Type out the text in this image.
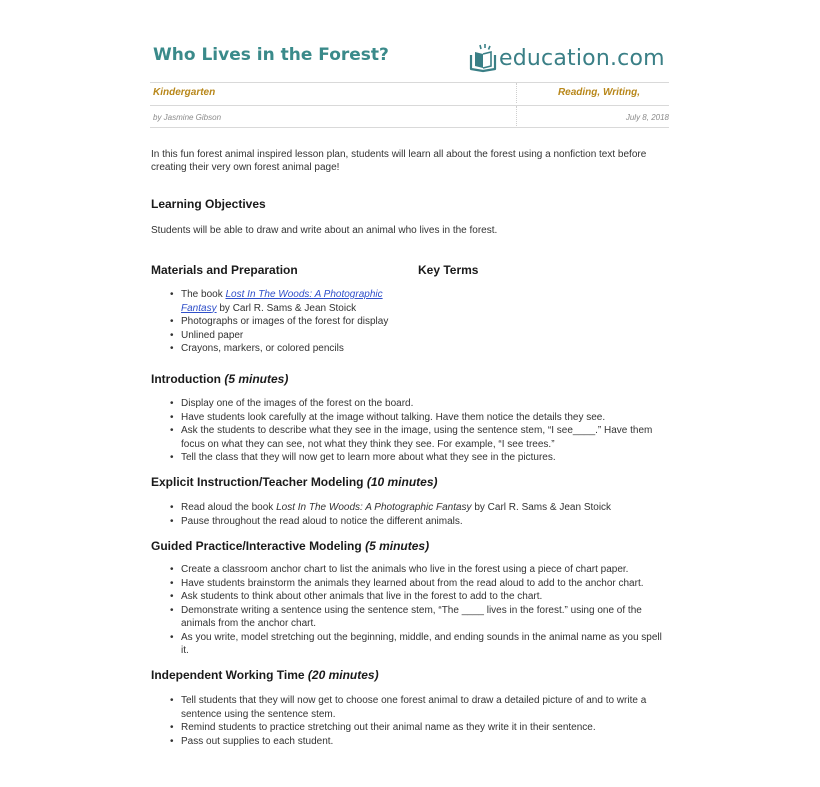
Who Lives in the Forest?	education.com
Kindergarten	Reading, Writing,
by Jasmine Gibson	July 8, 2018

In this fun forest animal inspired lesson plan, students will learn all about the forest using a nonfiction text before creating their very own forest animal page!

Learning Objectives

Students will be able to draw and write about an animal who lives in the forest.

Materials and Preparation	Key Terms
• The book Lost In The Woods: A Photographic Fantasy by Carl R. Sams & Jean Stoick
• Photographs or images of the forest for display
• Unlined paper
• Crayons, markers, or colored pencils
Introduction (5 minutes)
• Display one of the images of the forest on the board.
• Have students look carefully at the image without talking. Have them notice the details they see.
• Ask the students to describe what they see in the image, using the sentence stem, “I see____.” Have them focus on what they can see, not what they think they see. For example, “I see trees.”
• Tell the class that they will now get to learn more about what they see in the pictures.
Explicit Instruction/Teacher Modeling (10 minutes)
• Read aloud the book Lost In The Woods: A Photographic Fantasy by Carl R. Sams & Jean Stoick
• Pause throughout the read aloud to notice the different animals.
Guided Practice/Interactive Modeling (5 minutes)
• Create a classroom anchor chart to list the animals who live in the forest using a piece of chart paper.
• Have students brainstorm the animals they learned about from the read aloud to add to the anchor chart.
• Ask students to think about other animals that live in the forest to add to the chart.
• Demonstrate writing a sentence using the sentence stem, “The ____ lives in the forest.” using one of the animals from the anchor chart.
• As you write, model stretching out the beginning, middle, and ending sounds in the animal name as you spell it.
Independent Working Time (20 minutes)
• Tell students that they will now get to choose one forest animal to draw a detailed picture of and to write a sentence using the sentence stem.
• Remind students to practice stretching out their animal name as they write it in their sentence.
• Pass out supplies to each student.
